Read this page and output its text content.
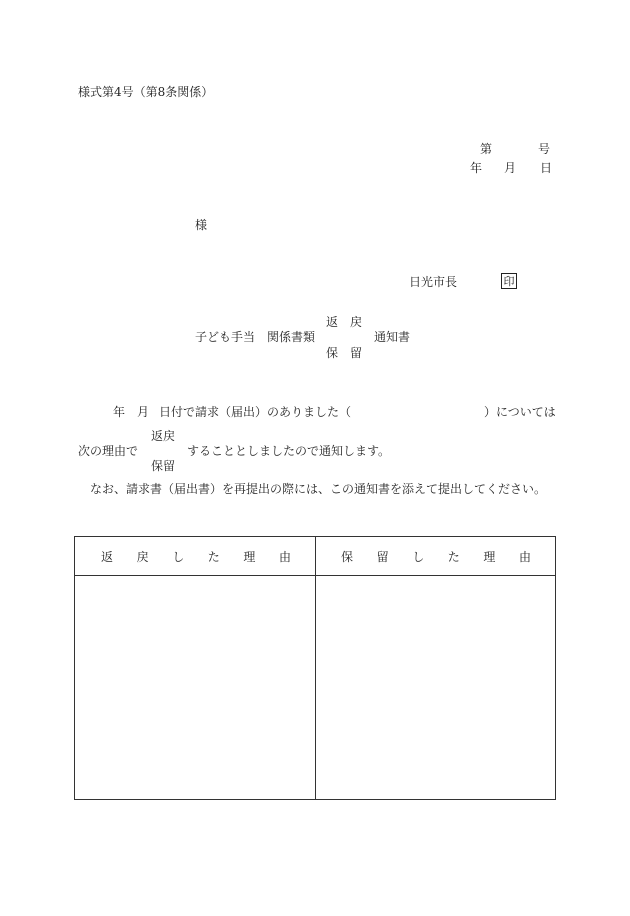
様式第4号（第8条関係）
第	号
年 月 日
様
日光市長	印
返 戻
子ども手当　関係書類	通知書
保 留
年 月 日付で請求（届出）のありました（	）については
返戻
次の理由で	することとしましたので通知します。
保留
なお、請求書（届出書）を再提出の際には、この通知書を添えて提出してください。
返 戻 し た 理 由	保 留 し た 理 由
